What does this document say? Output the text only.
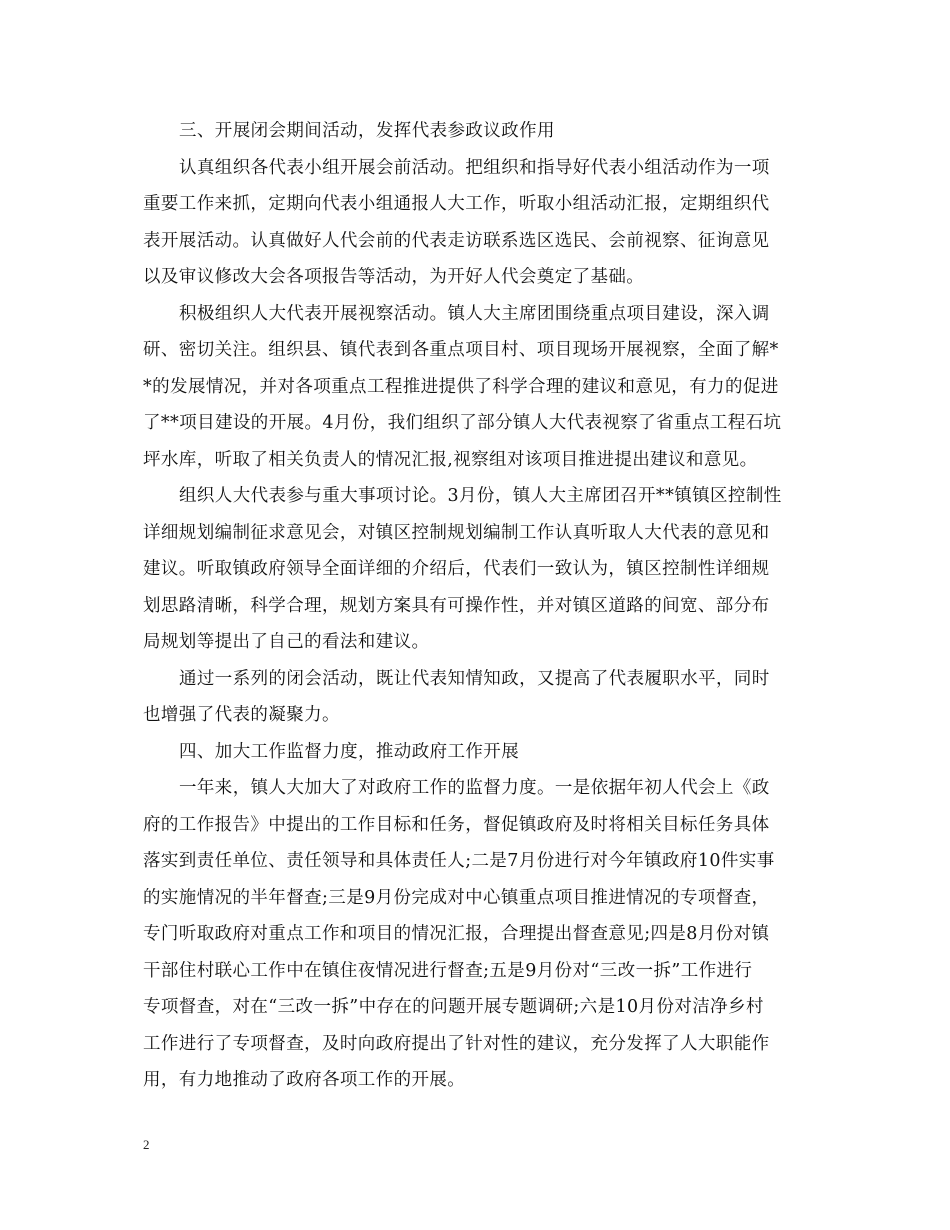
三、开展闭会期间活动，发挥代表参政议政作用
认真组织各代表小组开展会前活动。把组织和指导好代表小组活动作为一项
重要工作来抓，定期向代表小组通报人大工作，听取小组活动汇报，定期组织代
表开展活动。认真做好人代会前的代表走访联系选区选民、会前视察、征询意见
以及审议修改大会各项报告等活动，为开好人代会奠定了基础。
积极组织人大代表开展视察活动。镇人大主席团围绕重点项目建设，深入调
研、密切关注。组织县、镇代表到各重点项目村、项目现场开展视察，全面了解*
*的发展情况，并对各项重点工程推进提供了科学合理的建议和意见，有力的促进
了**项目建设的开展。4月份，我们组织了部分镇人大代表视察了省重点工程石坑
坪水库，听取了相关负责人的情况汇报,视察组对该项目推进提出建议和意见。
组织人大代表参与重大事项讨论。3月份，镇人大主席团召开**镇镇区控制性
详细规划编制征求意见会，对镇区控制规划编制工作认真听取人大代表的意见和
建议。听取镇政府领导全面详细的介绍后，代表们一致认为，镇区控制性详细规
划思路清晰，科学合理，规划方案具有可操作性，并对镇区道路的间宽、部分布
局规划等提出了自己的看法和建议。
通过一系列的闭会活动，既让代表知情知政，又提高了代表履职水平，同时
也增强了代表的凝聚力。
四、加大工作监督力度，推动政府工作开展
一年来，镇人大加大了对政府工作的监督力度。一是依据年初人代会上《政
府的工作报告》中提出的工作目标和任务，督促镇政府及时将相关目标任务具体
落实到责任单位、责任领导和具体责任人;二是7月份进行对今年镇政府10件实事
的实施情况的半年督查;三是9月份完成对中心镇重点项目推进情况的专项督查，
专门听取政府对重点工作和项目的情况汇报，合理提出督查意见;四是8月份对镇
干部住村联心工作中在镇住夜情况进行督查;五是9月份对“三改一拆”工作进行
专项督查，对在“三改一拆”中存在的问题开展专题调研;六是10月份对洁净乡村
工作进行了专项督查，及时向政府提出了针对性的建议，充分发挥了人大职能作
用，有力地推动了政府各项工作的开展。
2
